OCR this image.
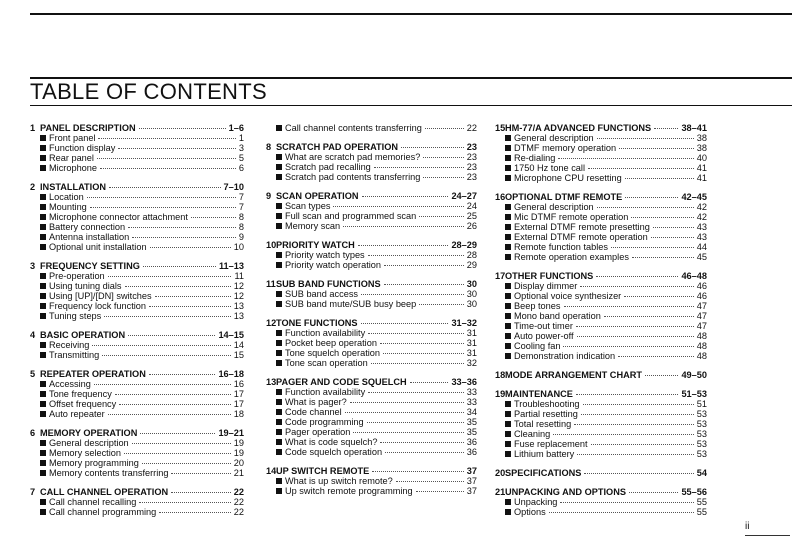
TABLE OF CONTENTS
1 PANEL DESCRIPTION	1–6
Front panel	1
Function display	3
Rear panel	5
Microphone	6
2 INSTALLATION	7–10
Location	7
Mounting	7
Microphone connector attachment	8
Battery connection	8
Antenna installation	9
Optional unit installation	10
3 FREQUENCY SETTING	11–13
Pre-operation	11
Using tuning dials	12
Using [UP]/[DN] switches	12
Frequency lock function	13
Tuning steps	13
4 BASIC OPERATION	14–15
Receiving	14
Transmitting	15
5 REPEATER OPERATION	16–18
Accessing	16
Tone frequency	17
Offset frequency	17
Auto repeater	18
6 MEMORY OPERATION	19–21
General description	19
Memory selection	19
Memory programming	20
Memory contents transferring	21
7 CALL CHANNEL OPERATION	22
Call channel recalling	22
Call channel programming	22
Call channel contents transferring	22
8 SCRATCH PAD OPERATION	23
What are scratch pad memories?	23
Scratch pad recalling	23
Scratch pad contents transferring	23
9 SCAN OPERATION	24–27
Scan types	24
Full scan and programmed scan	25
Memory scan	26
10 PRIORITY WATCH	28–29
Priority watch types	28
Priority watch operation	29
11 SUB BAND FUNCTIONS	30
SUB band access	30
SUB band mute/SUB busy beep	30
12 TONE FUNCTIONS	31–32
Function availability	31
Pocket beep operation	31
Tone squelch operation	31
Tone scan operation	32
13 PAGER AND CODE SQUELCH	33–36
Function availability	33
What is pager?	33
Code channel	34
Code programming	35
Pager operation	35
What is code squelch?	36
Code squelch operation	36
14 UP SWITCH REMOTE	37
What is up switch remote?	37
Up switch remote programming	37
15 HM-77/A ADVANCED FUNCTIONS	38–41
General description	38
DTMF memory operation	38
Re-dialing	40
1750 Hz tone call	41
Microphone CPU resetting	41
16 OPTIONAL DTMF REMOTE	42–45
General description	42
Mic DTMF remote operation	42
External DTMF remote presetting	43
External DTMF remote operation	43
Remote function tables	44
Remote operation examples	45
17 OTHER FUNCTIONS	46–48
Display dimmer	46
Optional voice synthesizer	46
Beep tones	47
Mono band operation	47
Time-out timer	47
Auto power-off	48
Cooling fan	48
Demonstration indication	48
18 MODE ARRANGEMENT CHART	49–50
19 MAINTENANCE	51–53
Troubleshooting	51
Partial resetting	53
Total resetting	53
Cleaning	53
Fuse replacement	53
Lithium battery	53
20 SPECIFICATIONS	54
21 UNPACKING AND OPTIONS	55–56
Unpacking	55
Options	55
ii
